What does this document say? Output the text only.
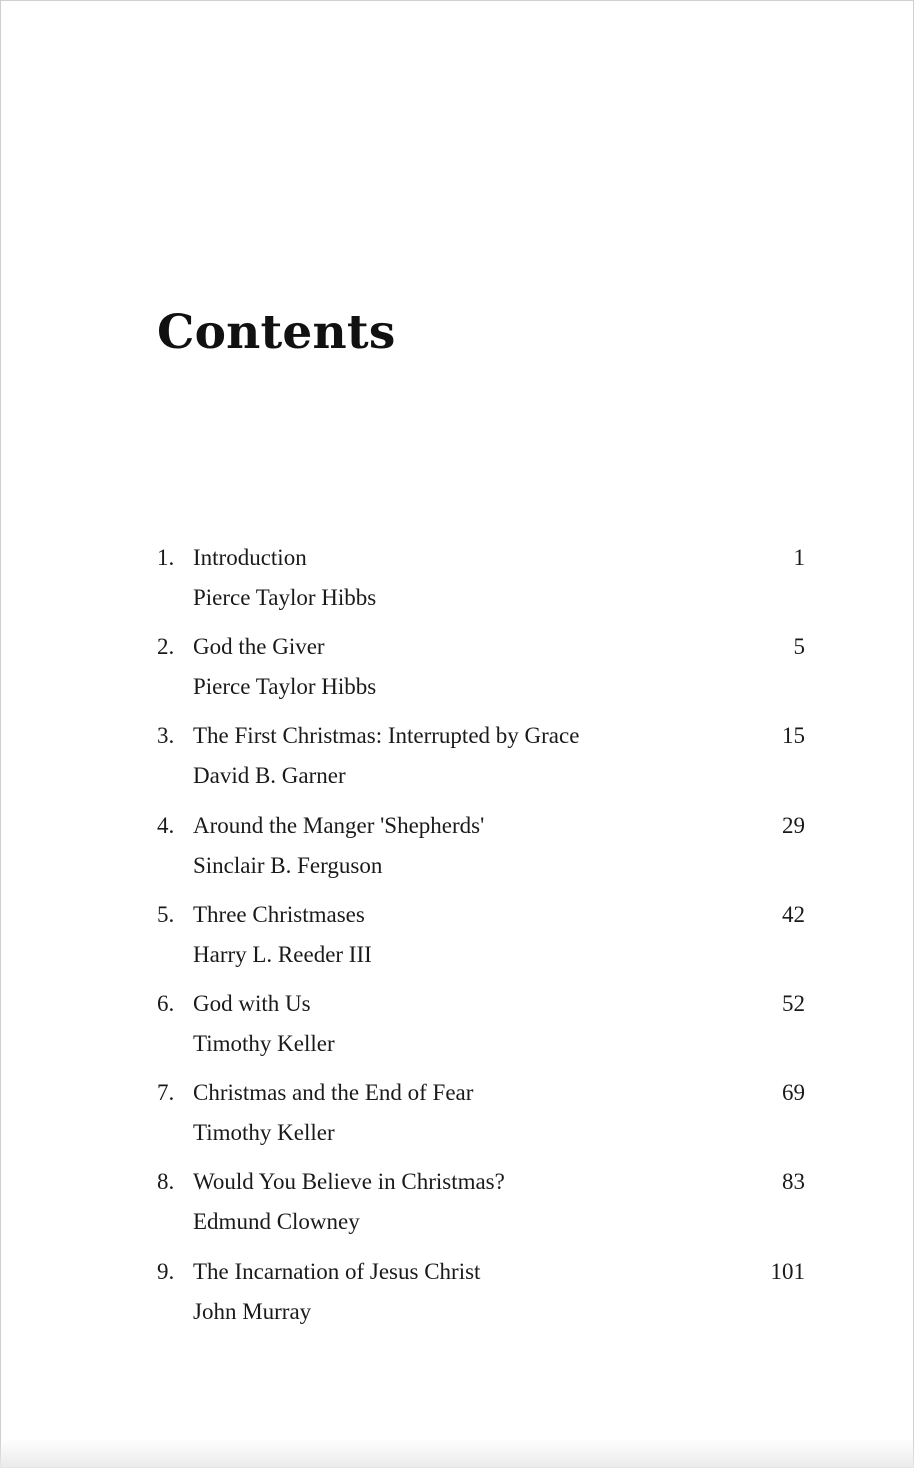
Contents
1. Introduction
Pierce Taylor Hibbs
1
2. God the Giver
Pierce Taylor Hibbs
5
3. The First Christmas: Interrupted by Grace
David B. Garner
15
4. Around the Manger 'Shepherds'
Sinclair B. Ferguson
29
5. Three Christmases
Harry L. Reeder III
42
6. God with Us
Timothy Keller
52
7. Christmas and the End of Fear
Timothy Keller
69
8. Would You Believe in Christmas?
Edmund Clowney
83
9. The Incarnation of Jesus Christ
John Murray
101
